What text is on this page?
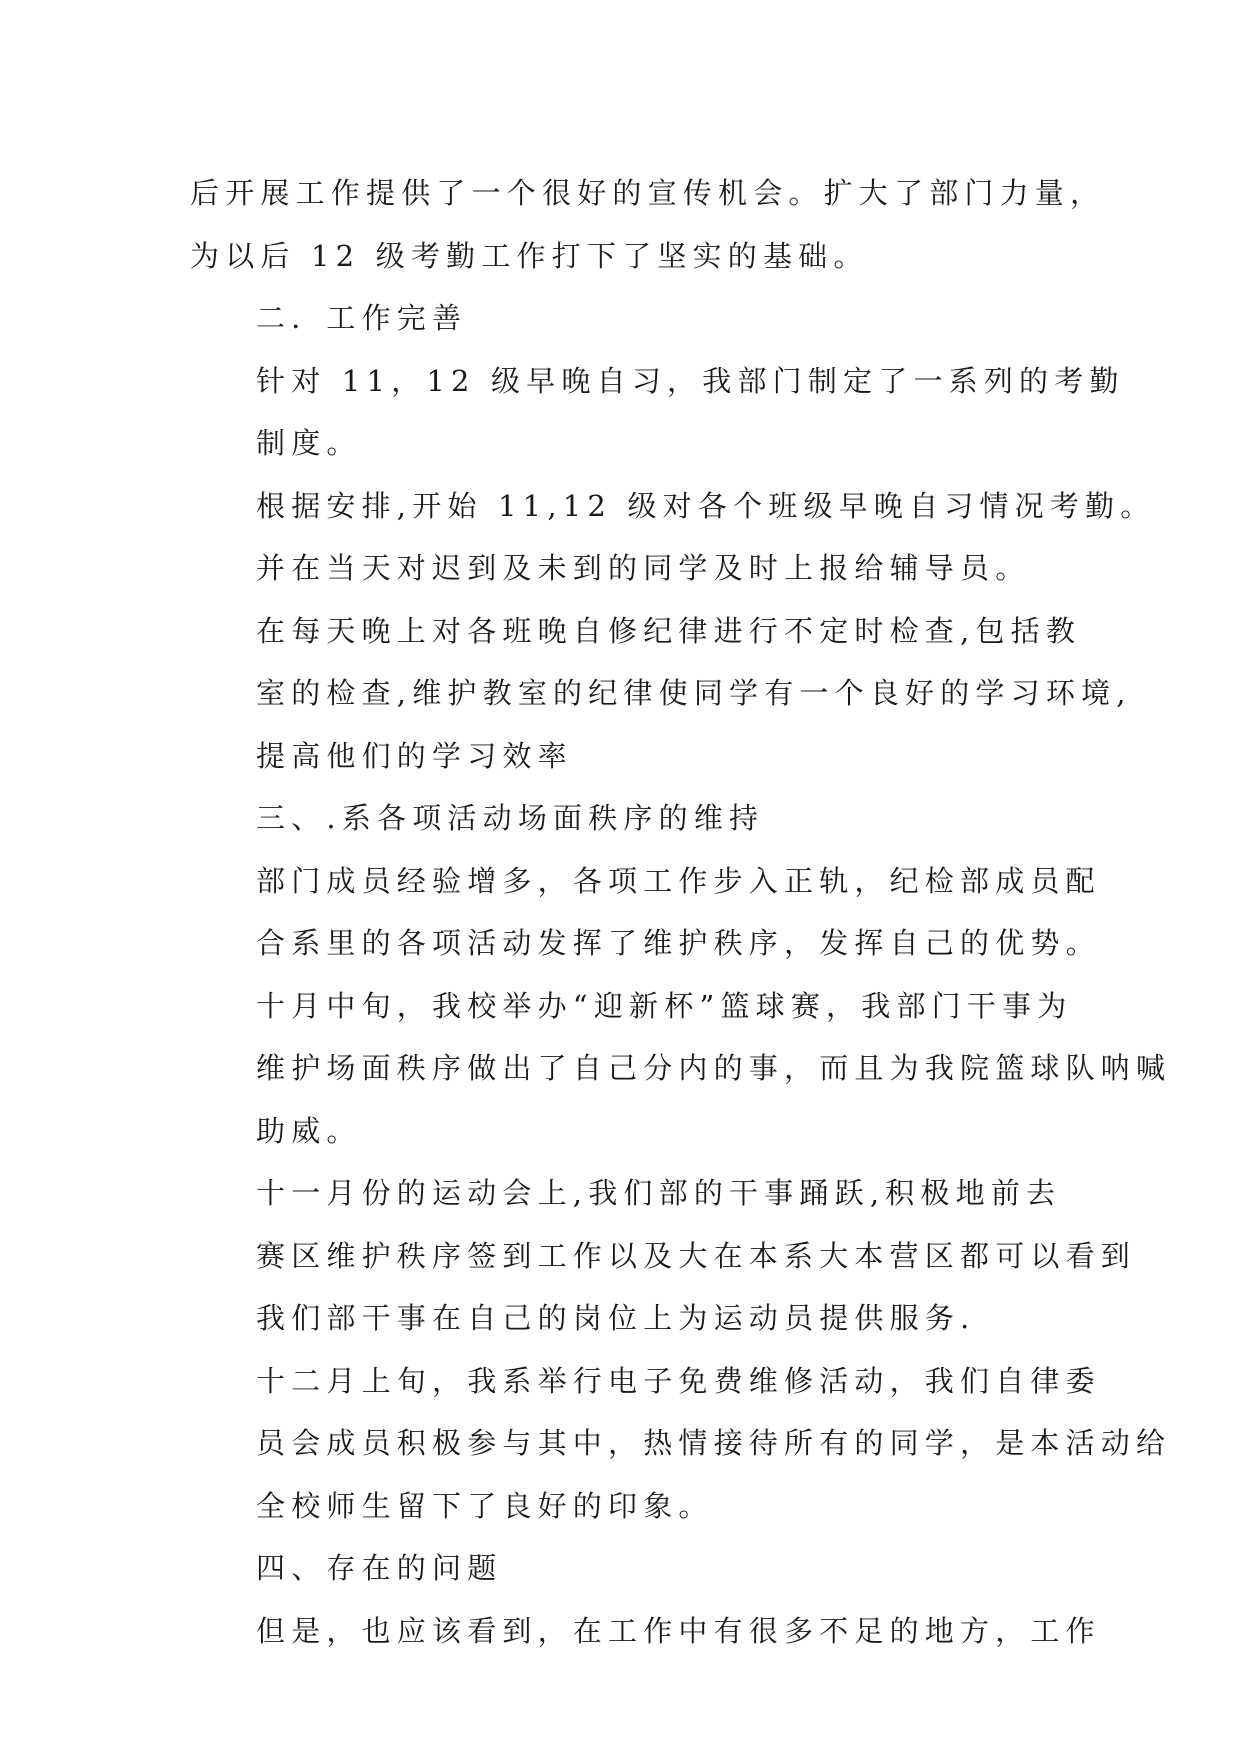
后开展工作提供了一个很好的宣传机会。扩大了部门力量，
为以后 12 级考勤工作打下了坚实的基础。
二．工作完善
针对 11，12 级早晚自习，我部门制定了一系列的考勤
制度。
根据安排,开始 11,12 级对各个班级早晚自习情况考勤。
并在当天对迟到及未到的同学及时上报给辅导员。
在每天晚上对各班晚自修纪律进行不定时检查,包括教
室的检查,维护教室的纪律使同学有一个良好的学习环境,
提高他们的学习效率
三、.系各项活动场面秩序的维持
部门成员经验增多，各项工作步入正轨，纪检部成员配
合系里的各项活动发挥了维护秩序，发挥自己的优势。
十月中旬，我校举办“迎新杯”篮球赛，我部门干事为
维护场面秩序做出了自己分内的事，而且为我院篮球队呐喊
助威。
十一月份的运动会上,我们部的干事踊跃,积极地前去
赛区维护秩序签到工作以及大在本系大本营区都可以看到
我们部干事在自己的岗位上为运动员提供服务.
十二月上旬，我系举行电子免费维修活动，我们自律委
员会成员积极参与其中，热情接待所有的同学，是本活动给
全校师生留下了良好的印象。
四、存在的问题
但是，也应该看到，在工作中有很多不足的地方，工作
